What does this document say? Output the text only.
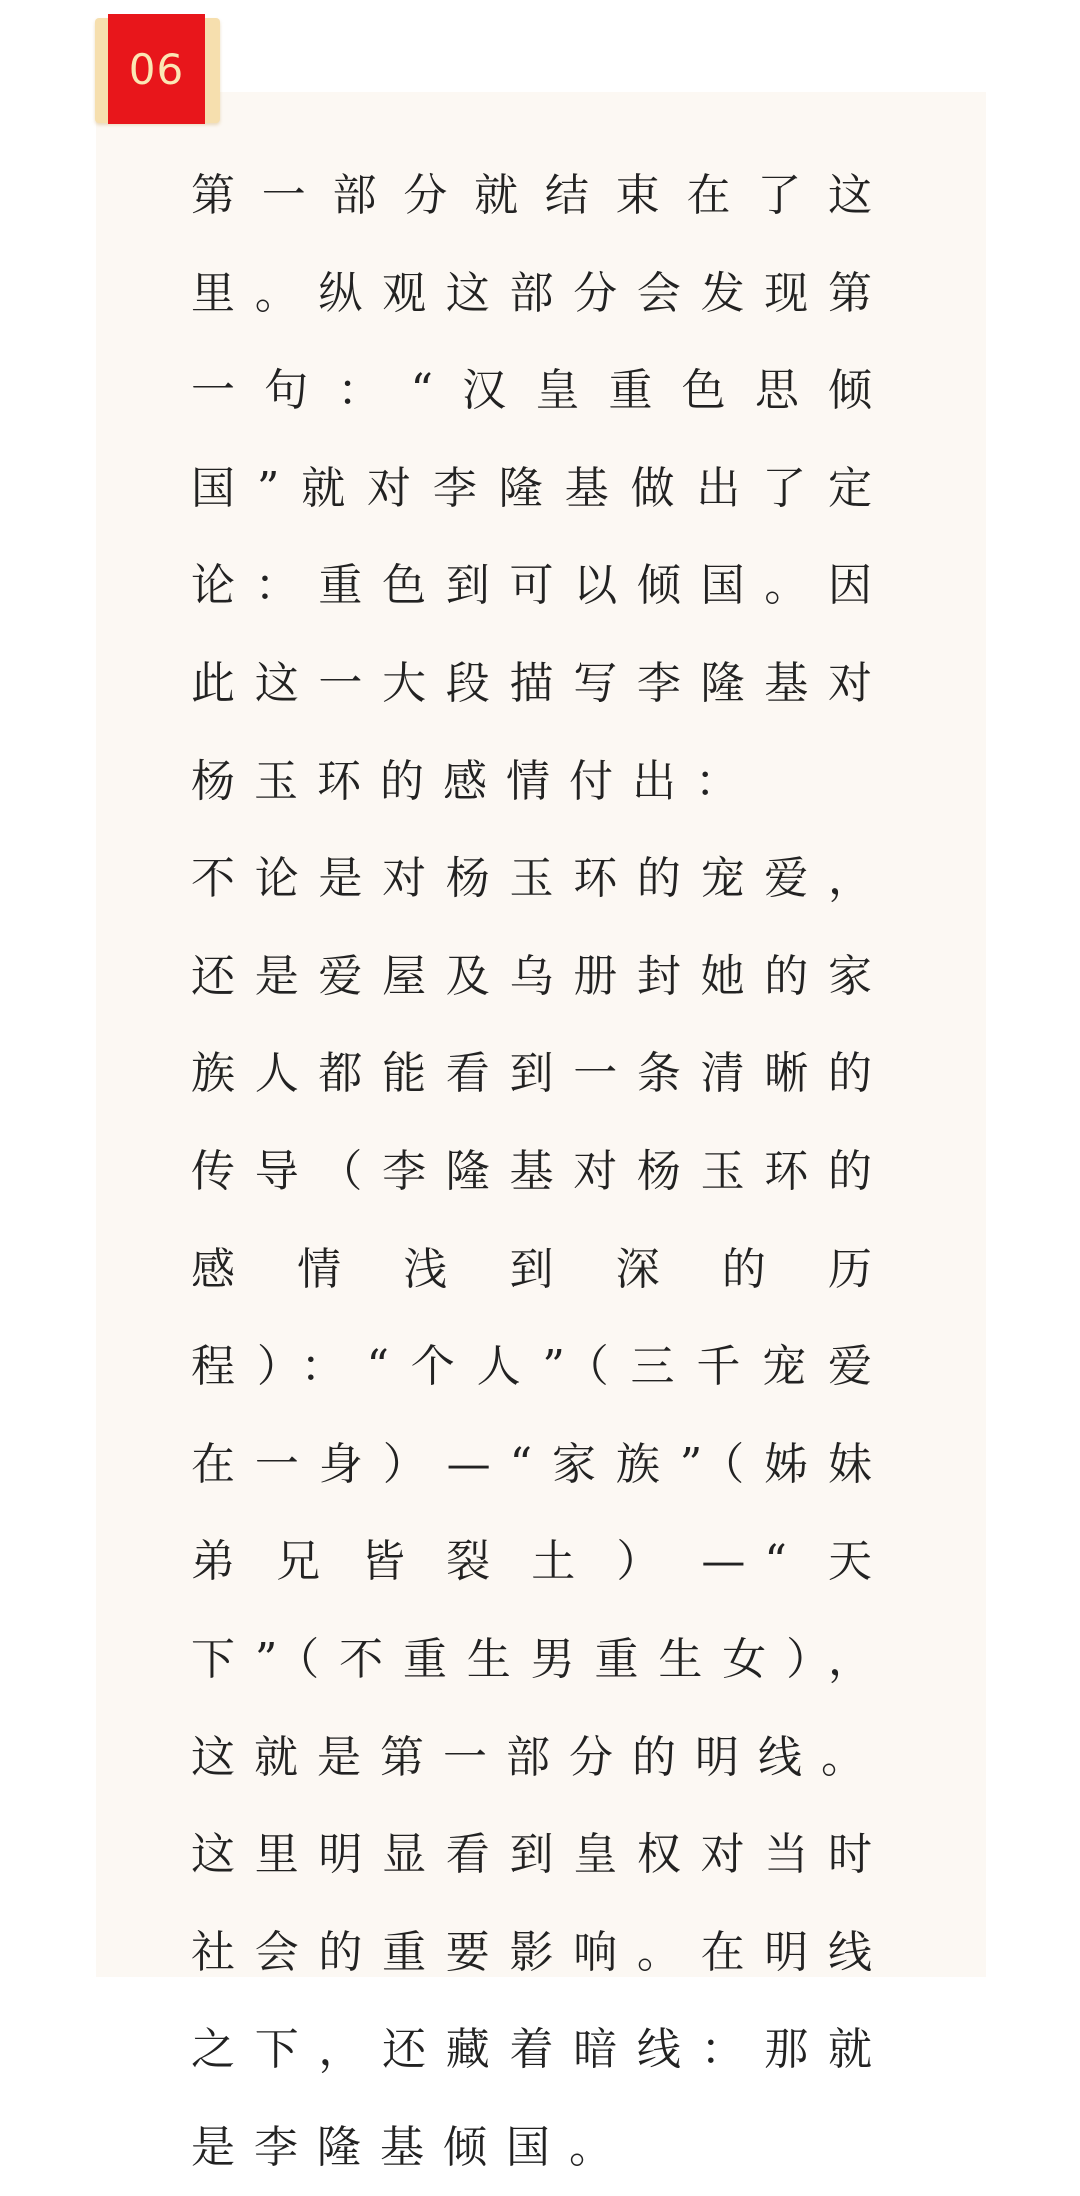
06

第一部分就结束在了这里。纵观这部分会发现第一句：“汉皇重色思倾国”就对李隆基做出了定论：重色到可以倾国。因此这一大段描写李隆基对杨玉环的感情付出：

不论是对杨玉环的宠爱，还是爱屋及乌册封她的家族人都能看到一条清晰的传导（李隆基对杨玉环的感情浅到深的历程）：“个人”（三千宠爱在一身）—“家族”（姊妹弟兄皆裂土）—“天下”（不重生男重生女），这就是第一部分的明线。

这里明显看到皇权对当时社会的重要影响。在明线之下，还藏着暗线：那就是李隆基倾国。
